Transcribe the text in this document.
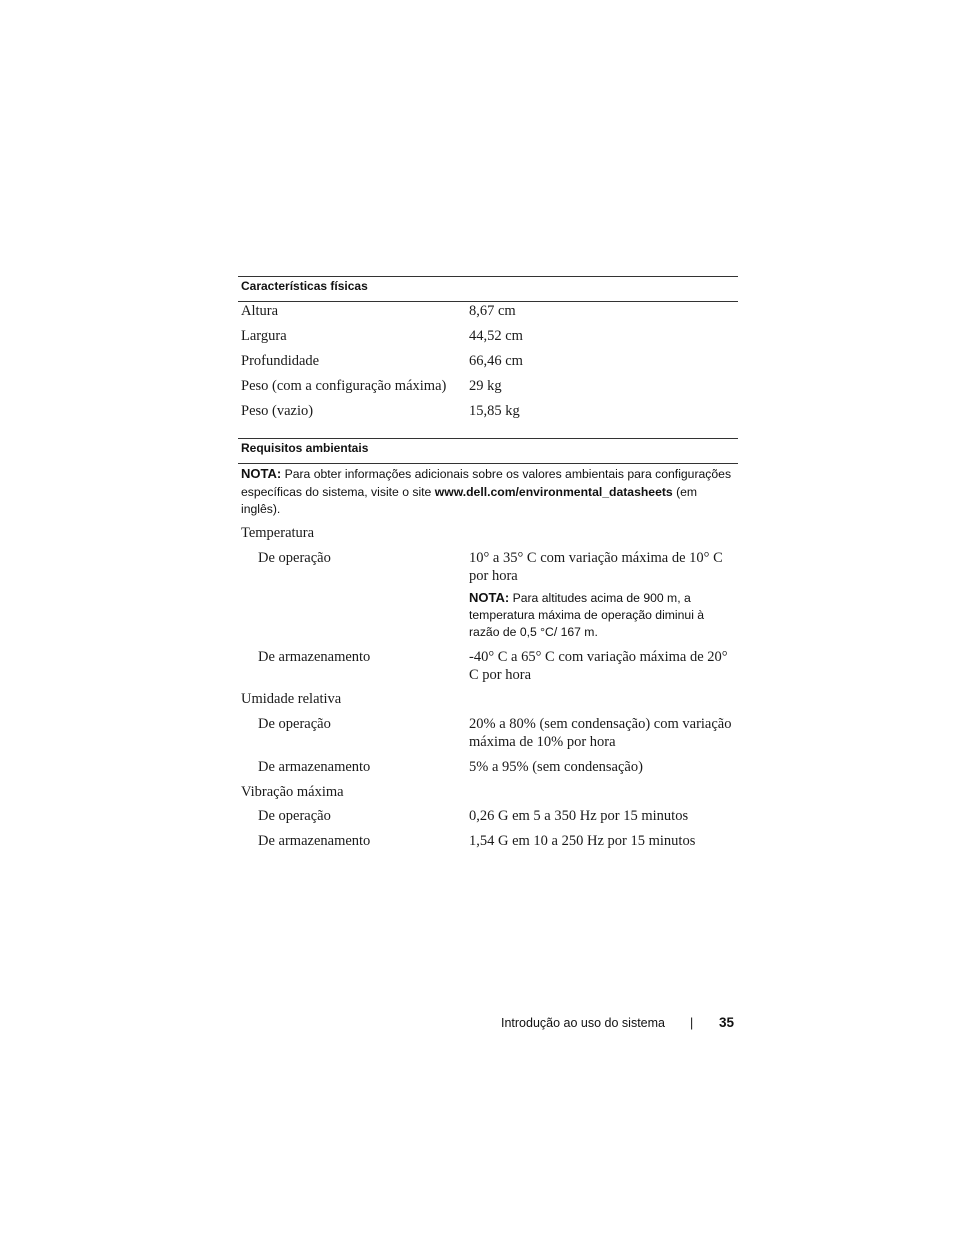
Características físicas
Altura	8,67 cm
Largura	44,52 cm
Profundidade	66,46 cm
Peso (com a configuração máxima) 29 kg
Peso (vazio)	15,85 kg
Requisitos ambientais
NOTA: Para obter informações adicionais sobre os valores ambientais para configurações específicas do sistema, visite o site www.dell.com/environmental_datasheets (em inglês).
Temperatura
De operação	10° a 35° C com variação máxima de 10° C por hora
NOTA: Para altitudes acima de 900 m, a temperatura máxima de operação diminui à razão de 0,5 °C/ 167 m.
De armazenamento	-40° C a 65° C com variação máxima de 20° C por hora
Umidade relativa
De operação	20% a 80% (sem condensação) com variação máxima de 10% por hora
De armazenamento	5% a 95% (sem condensação)
Vibração máxima
De operação	0,26 G em 5 a 350 Hz por 15 minutos
De armazenamento	1,54 G em 10 a 250 Hz por 15 minutos
Introdução ao uso do sistema | 35
